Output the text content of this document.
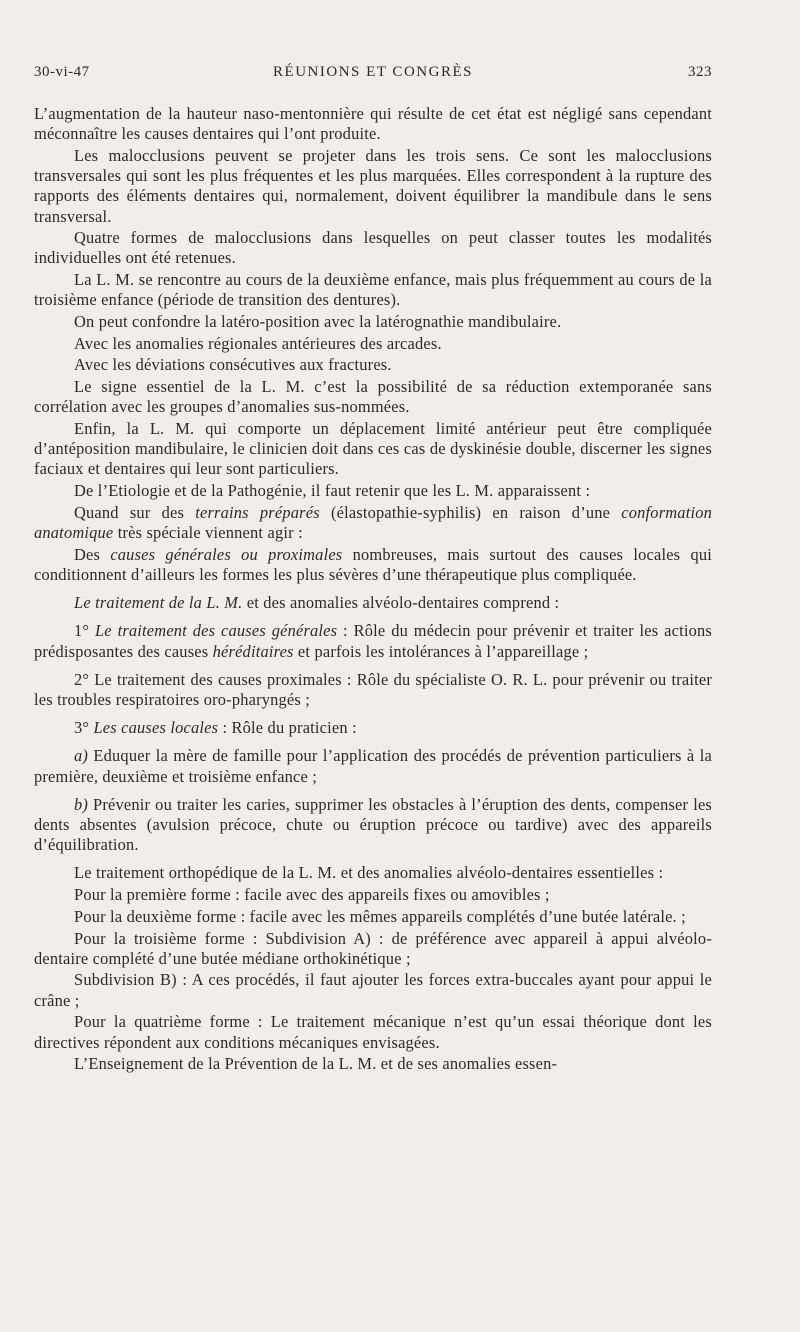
30-vi-47	RÉUNIONS ET CONGRÈS	323

L’augmentation de la hauteur naso-mentonnière qui résulte de cet état est négligé sans cependant méconnaître les causes dentaires qui l’ont produite.

Les malocclusions peuvent se projeter dans les trois sens. Ce sont les malocclusions transversales qui sont les plus fréquentes et les plus marquées. Elles correspondent à la rupture des rapports des éléments dentaires qui, normalement, doivent équilibrer la mandibule dans le sens transversal.

Quatre formes de malocclusions dans lesquelles on peut classer toutes les modalités individuelles ont été retenues.

La L. M. se rencontre au cours de la deuxième enfance, mais plus fréquemment au cours de la troisième enfance (période de transition des dentures).

On peut confondre la latéro-position avec la latérognathie mandibulaire.

Avec les anomalies régionales antérieures des arcades.

Avec les déviations consécutives aux fractures.

Le signe essentiel de la L. M. c’est la possibilité de sa réduction extemporanée sans corrélation avec les groupes d’anomalies sus-nommées.

Enfin, la L. M. qui comporte un déplacement limité antérieur peut être compliquée d’antéposition mandibulaire, le clinicien doit dans ces cas de dyskinésie double, discerner les signes faciaux et dentaires qui leur sont particuliers.

De l’Etiologie et de la Pathogénie, il faut retenir que les L. M. apparaissent :

Quand sur des terrains préparés (élastopathie-syphilis) en raison d’une conformation anatomique très spéciale viennent agir :

Des causes générales ou proximales nombreuses, mais surtout des causes locales qui conditionnent d’ailleurs les formes les plus sévères d’une thérapeutique plus compliquée.

Le traitement de la L. M. et des anomalies alvéolo-dentaires comprend :

1° Le traitement des causes générales : Rôle du médecin pour prévenir et traiter les actions prédisposantes des causes héréditaires et parfois les intolérances à l’appareillage ;

2° Le traitement des causes proximales : Rôle du spécialiste O. R. L. pour prévenir ou traiter les troubles respiratoires oro-pharyngés ;

3° Les causes locales : Rôle du praticien :

a) Eduquer la mère de famille pour l’application des procédés de prévention particuliers à la première, deuxième et troisième enfance ;

b) Prévenir ou traiter les caries, supprimer les obstacles à l’éruption des dents, compenser les dents absentes (avulsion précoce, chute ou éruption précoce ou tardive) avec des appareils d’équilibration.

Le traitement orthopédique de la L. M. et des anomalies alvéolo-dentaires essentielles :

Pour la première forme : facile avec des appareils fixes ou amovibles ;

Pour la deuxième forme : facile avec les mêmes appareils complétés d’une butée latérale. ;

Pour la troisième forme : Subdivision A) : de préférence avec appareil à appui alvéolo-dentaire complété d’une butée médiane orthokinétique ;

Subdivision B) : A ces procédés, il faut ajouter les forces extra-buccales ayant pour appui le crâne ;

Pour la quatrième forme : Le traitement mécanique n’est qu’un essai théorique dont les directives répondent aux conditions mécaniques envisagées.

L’Enseignement de la Prévention de la L. M. et de ses anomalies essen-
